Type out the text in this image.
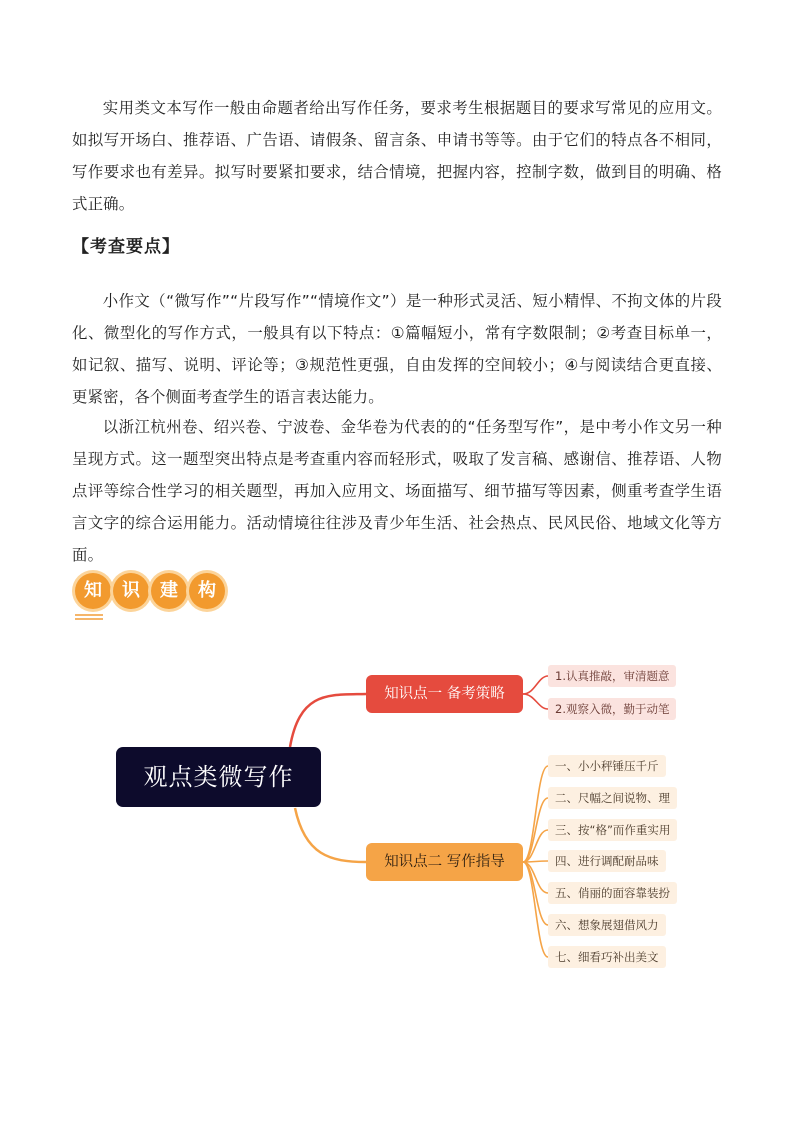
实用类文本写作一般由命题者给出写作任务，要求考生根据题目的要求写常见的应用文。如拟写开场白、推荐语、广告语、请假条、留言条、申请书等等。由于它们的特点各不相同，写作要求也有差异。拟写时要紧扣要求，结合情境，把握内容，控制字数，做到目的明确、格式正确。

【考查要点】

小作文（“微写作”“片段写作”“情境作文”）是一种形式灵活、短小精悍、不拘文体的片段化、微型化的写作方式，一般具有以下特点：①篇幅短小，常有字数限制；②考查目标单一，如记叙、描写、说明、评论等；③规范性更强，自由发挥的空间较小；④与阅读结合更直接、更紧密，各个侧面考查学生的语言表达能力。

以浙江杭州卷、绍兴卷、宁波卷、金华卷为代表的的“任务型写作”，是中考小作文另一种呈现方式。这一题型突出特点是考查重内容而轻形式，吸取了发言稿、感谢信、推荐语、人物点评等综合性学习的相关题型，再加入应用文、场面描写、细节描写等因素，侧重考查学生语言文字的综合运用能力。活动情境往往涉及青少年生活、社会热点、民风民俗、地域文化等方面。

知	识	建	构
观点类微写作
知识点一 备考策略
知识点二 写作指导
1.认真推敲，审清题意
2.观察入微，勤于动笔
一、小小秤锤压千斤
二、尺幅之间说物、理
三、按“格”而作重实用
四、进行调配耐品味
五、俏丽的面容靠装扮
六、想象展翅借风力
七、细看巧补出美文
